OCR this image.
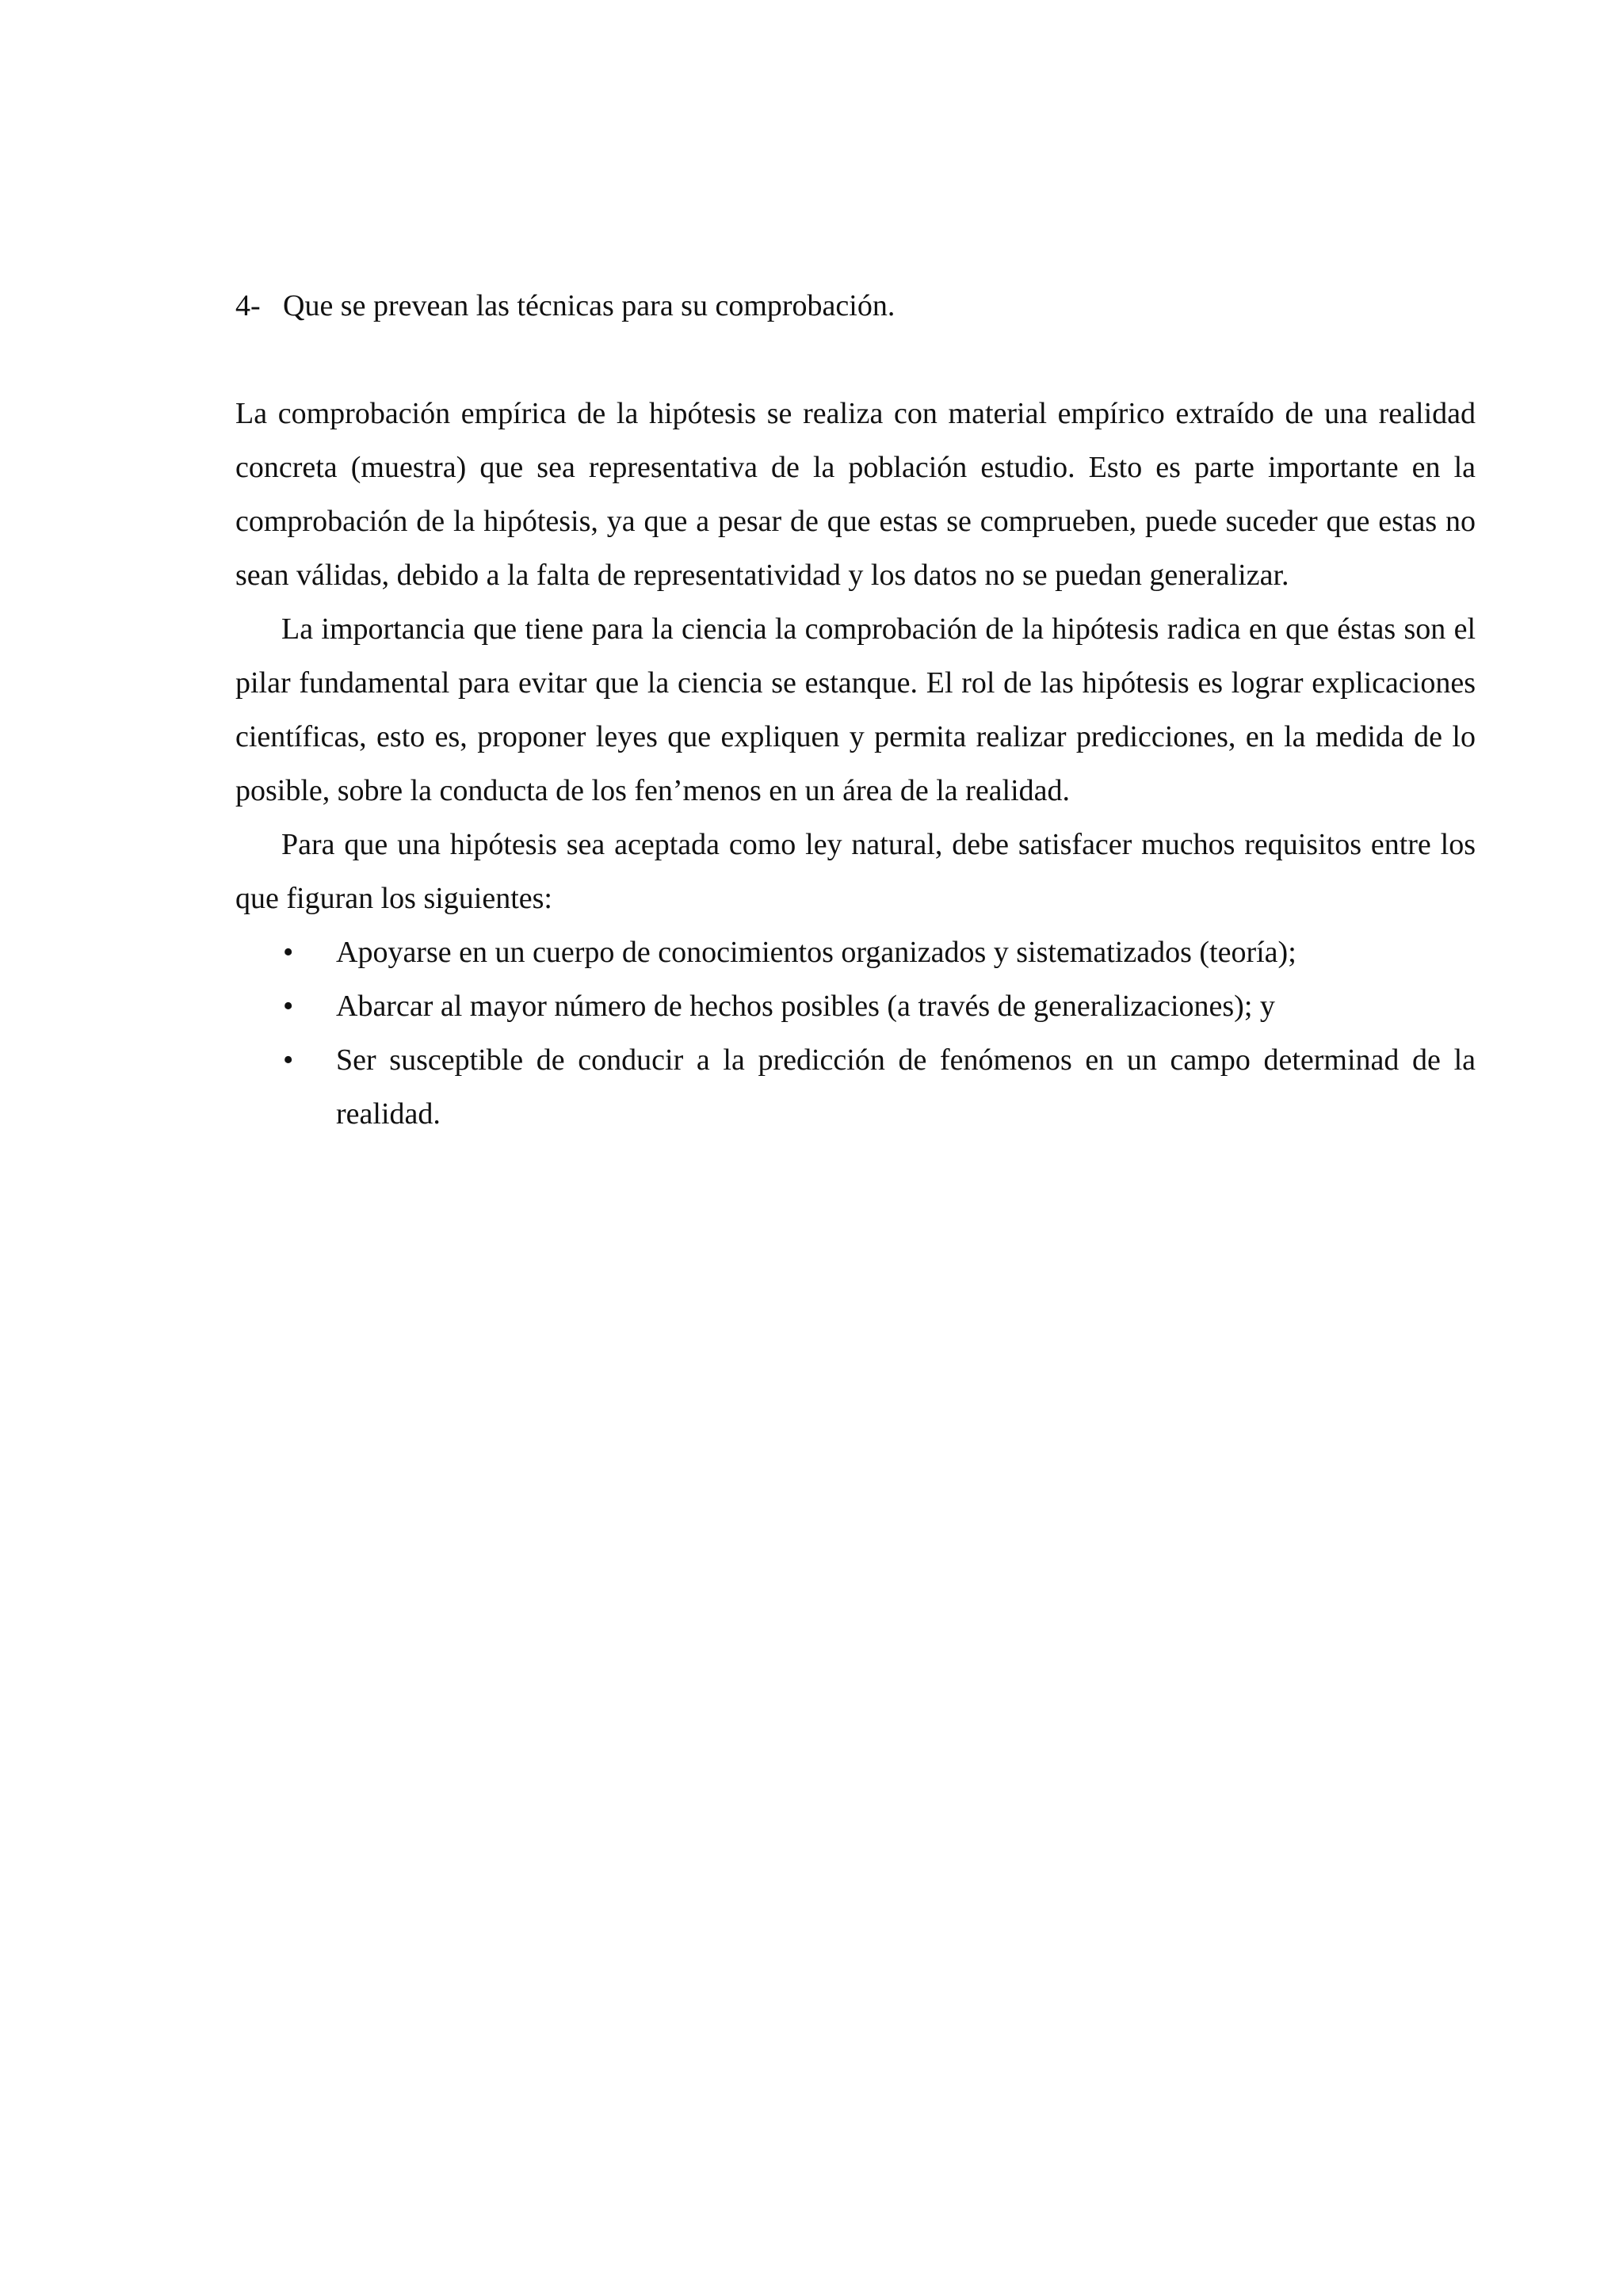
4- Que se prevean las técnicas para su comprobación.

La comprobación empírica de la hipótesis se realiza con material empírico extraído de una realidad concreta (muestra) que sea representativa de la población estudio. Esto es parte importante en la comprobación de la hipótesis, ya que a pesar de que estas se comprueben, puede suceder que estas no sean válidas, debido a la falta de representatividad y los datos no se puedan generalizar.

La importancia que tiene para la ciencia la comprobación de la hipótesis radica en que éstas son el pilar fundamental para evitar que la ciencia se estanque. El rol de las hipótesis es lograr explicaciones científicas, esto es, proponer leyes que expliquen y permita realizar predicciones, en la medida de lo posible, sobre la conducta de los fen’menos en un área de la realidad.

Para que una hipótesis sea aceptada como ley natural, debe satisfacer muchos requisitos entre los que figuran los siguientes:

•	Apoyarse en un cuerpo de conocimientos organizados y sistematizados (teoría);
•	Abarcar al mayor número de hechos posibles (a través de generalizaciones); y
•	Ser susceptible de conducir a la predicción de fenómenos en un campo determinad de la realidad.
